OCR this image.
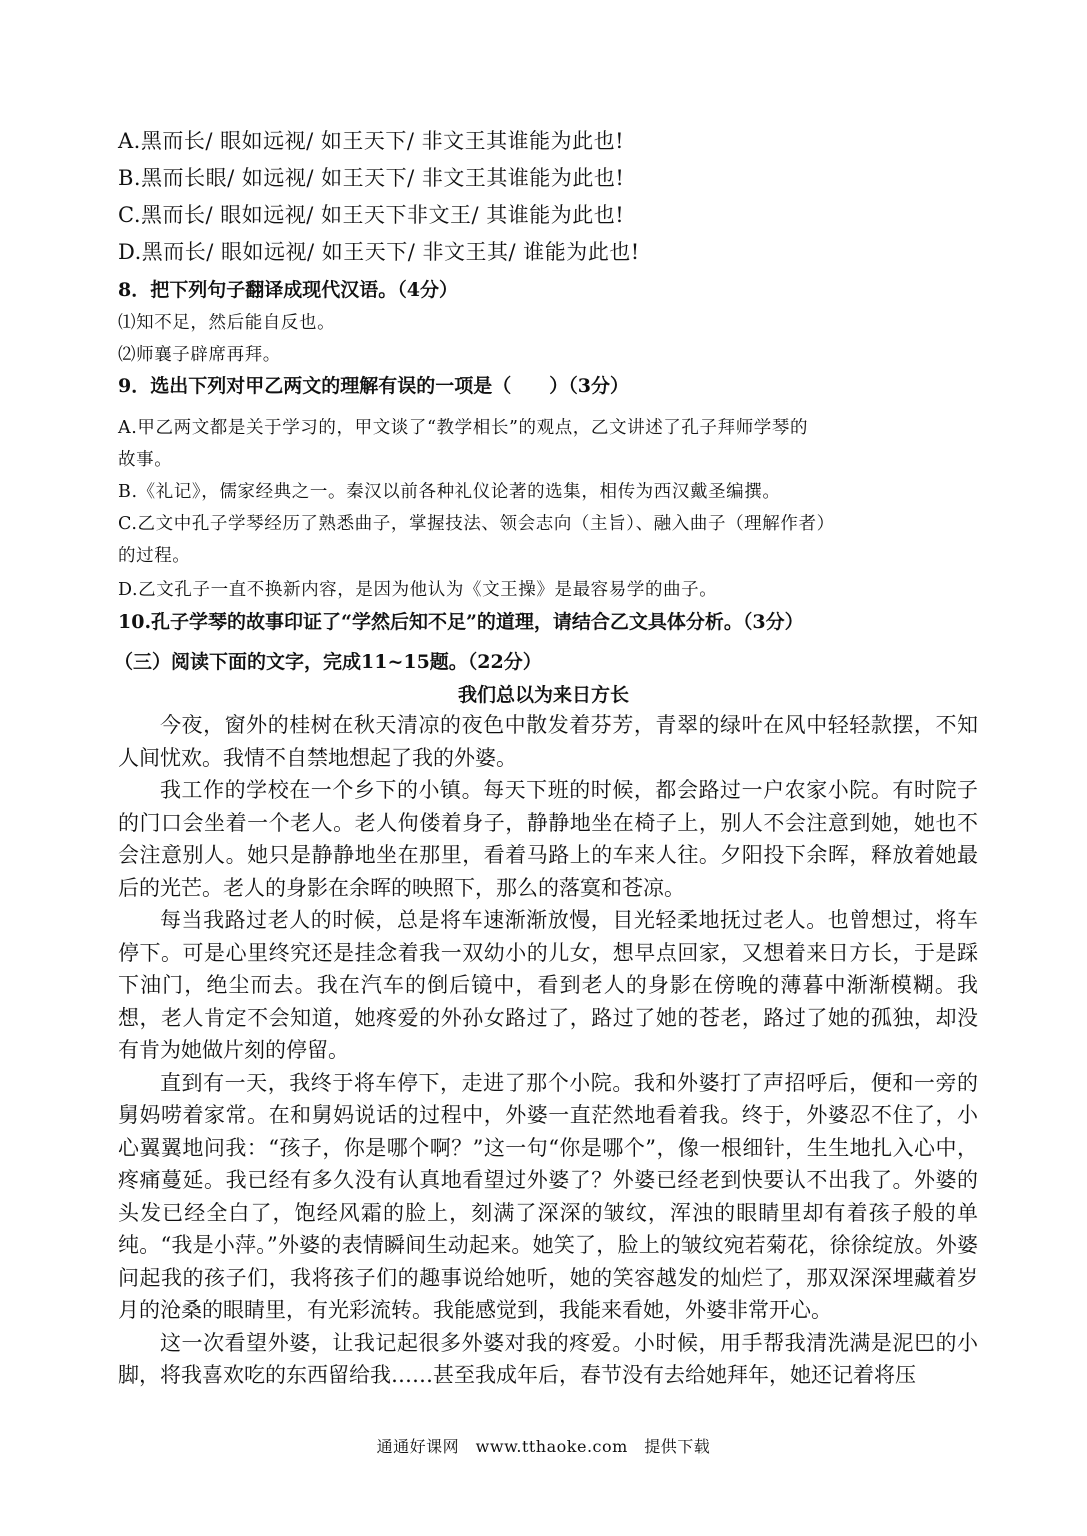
A.黑而长/ 眼如远视/ 如王天下/ 非文王其谁能为此也!
B.黑而长眼/ 如远视/ 如王天下/ 非文王其谁能为此也!
C.黑而长/ 眼如远视/ 如王天下非文王/ 其谁能为此也!
D.黑而长/ 眼如远视/ 如王天下/ 非文王其/ 谁能为此也!
8．把下列句子翻译成现代汉语。（4分）
⑴知不足，然后能自反也。
⑵师襄子辟席再拜。
9．选出下列对甲乙两文的理解有误的一项是（　　）（3分）
A.甲乙两文都是关于学习的，甲文谈了“教学相长”的观点，乙文讲述了孔子拜师学琴的
故事。
B.《礼记》，儒家经典之一。秦汉以前各种礼仪论著的选集，相传为西汉戴圣编撰。
C.乙文中孔子学琴经历了熟悉曲子，掌握技法、领会志向（主旨）、融入曲子（理解作者）
的过程。
D.乙文孔子一直不换新内容，是因为他认为《文王操》是最容易学的曲子。
10.孔子学琴的故事印证了“学然后知不足”的道理，请结合乙文具体分析。（3分）
（三）阅读下面的文字，完成11~15题。（22分）
我们总以为来日方长

今夜，窗外的桂树在秋天清凉的夜色中散发着芬芳，青翠的绿叶在风中轻轻款摆，不知人间忧欢。我情不自禁地想起了我的外婆。

我工作的学校在一个乡下的小镇。每天下班的时候，都会路过一户农家小院。有时院子的门口会坐着一个老人。老人佝偻着身子，静静地坐在椅子上，别人不会注意到她，她也不会注意别人。她只是静静地坐在那里，看着马路上的车来人往。夕阳投下余晖，释放着她最后的光芒。老人的身影在余晖的映照下，那么的落寞和苍凉。

每当我路过老人的时候，总是将车速渐渐放慢，目光轻柔地抚过老人。也曾想过，将车停下。可是心里终究还是挂念着我一双幼小的儿女，想早点回家，又想着来日方长，于是踩下油门，绝尘而去。我在汽车的倒后镜中，看到老人的身影在傍晚的薄暮中渐渐模糊。我想，老人肯定不会知道，她疼爱的外孙女路过了，路过了她的苍老，路过了她的孤独，却没有肯为她做片刻的停留。

直到有一天，我终于将车停下，走进了那个小院。我和外婆打了声招呼后，便和一旁的舅妈唠着家常。在和舅妈说话的过程中，外婆一直茫然地看着我。终于，外婆忍不住了，小心翼翼地问我：“孩子，你是哪个啊？”这一句“你是哪个”，像一根细针，生生地扎入心中，疼痛蔓延。我已经有多久没有认真地看望过外婆了？外婆已经老到快要认不出我了。外婆的头发已经全白了，饱经风霜的脸上，刻满了深深的皱纹，浑浊的眼睛里却有着孩子般的单纯。“我是小萍。”外婆的表情瞬间生动起来。她笑了，脸上的皱纹宛若菊花，徐徐绽放。外婆问起我的孩子们，我将孩子们的趣事说给她听，她的笑容越发的灿烂了，那双深深埋藏着岁月的沧桑的眼睛里，有光彩流转。我能感觉到，我能来看她，外婆非常开心。

这一次看望外婆，让我记起很多外婆对我的疼爱。小时候，用手帮我清洗满是泥巴的小脚，将我喜欢吃的东西留给我……甚至我成年后，春节没有去给她拜年，她还记着将压

通通好课网　www.tthaoke.com　提供下载
